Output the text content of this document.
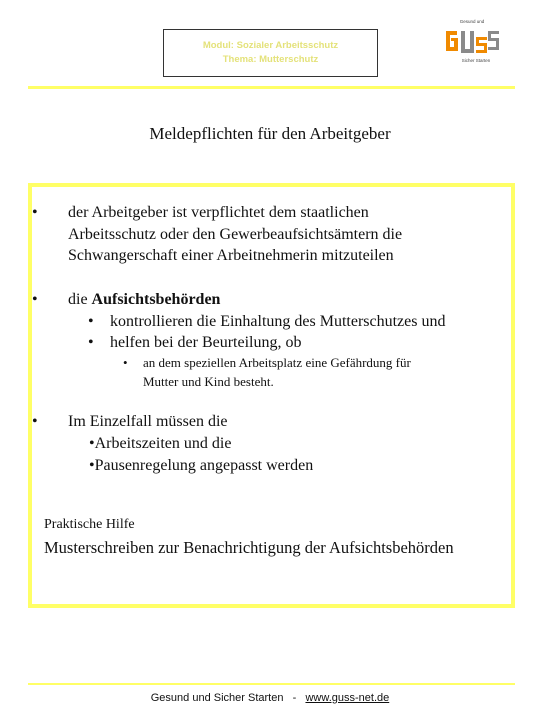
Modul: Sozialer Arbeitsschutz
Thema: Mutterschutz
Gesund und
Sicher Starten
Meldepflichten für den Arbeitgeber
• der Arbeitgeber ist verpflichtet dem staatlichen
Arbeitsschutz oder den Gewerbeaufsichtsämtern die
Schwangerschaft einer Arbeitnehmerin mitzuteilen
• die Aufsichtsbehörden
• kontrollieren die Einhaltung des Mutterschutzes und
• helfen bei der Beurteilung, ob
• an dem speziellen Arbeitsplatz eine Gefährdung für
Mutter und Kind besteht.
• Im Einzelfall müssen die
•Arbeitszeiten und die
•Pausenregelung angepasst werden
Praktische Hilfe
Musterschreiben zur Benachrichtigung der Aufsichtsbehörden
Gesund und Sicher Starten - www.guss-net.de
